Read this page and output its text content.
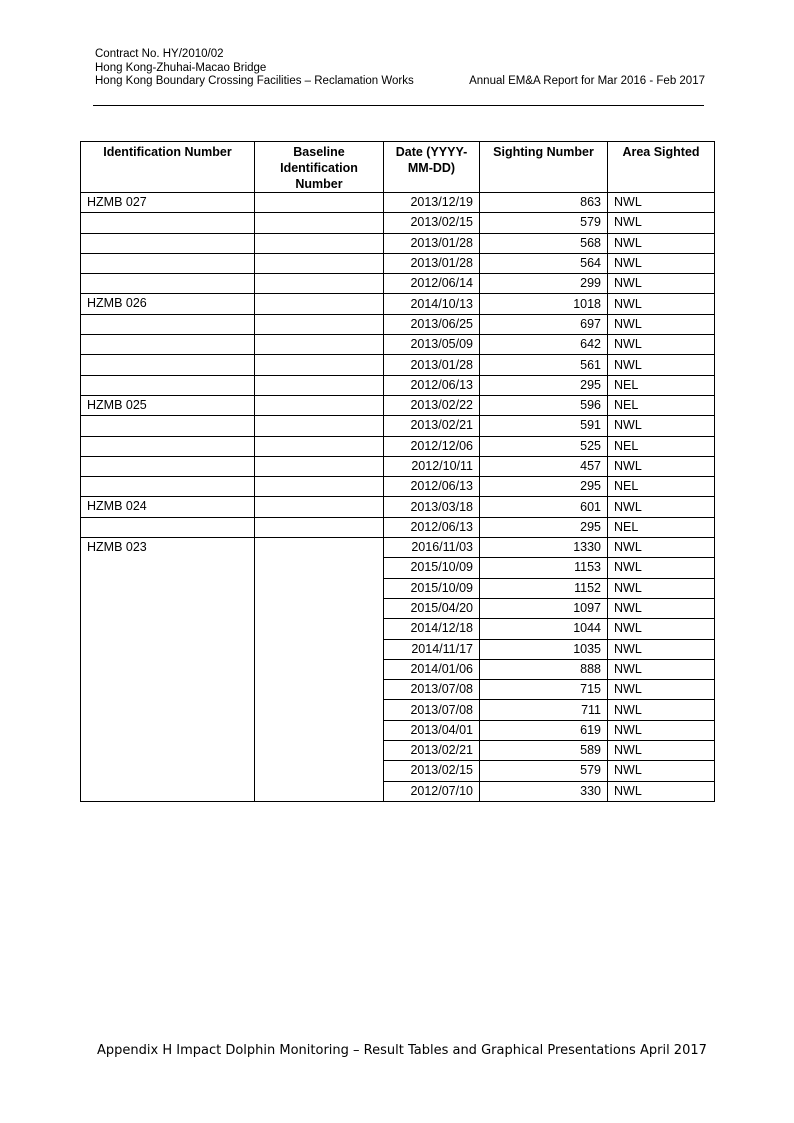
Contract No. HY/2010/02
Hong Kong-Zhuhai-Macao Bridge
Hong Kong Boundary Crossing Facilities – Reclamation Works	Annual EM&A Report for Mar 2016 - Feb 2017
Identification Number	Baseline Identification Number	Date (YYYY-MM-DD)	Sighting Number	Area Sighted
HZMB 027		2013/12/19	863	NWL
		2013/02/15	579	NWL
		2013/01/28	568	NWL
		2013/01/28	564	NWL
		2012/06/14	299	NWL
HZMB 026		2014/10/13	1018	NWL
		2013/06/25	697	NWL
		2013/05/09	642	NWL
		2013/01/28	561	NWL
		2012/06/13	295	NEL
HZMB 025		2013/02/22	596	NEL
		2013/02/21	591	NWL
		2012/12/06	525	NEL
		2012/10/11	457	NWL
		2012/06/13	295	NEL
HZMB 024		2013/03/18	601	NWL
		2012/06/13	295	NEL
HZMB 023		2016/11/03	1330	NWL
		2015/10/09	1153	NWL
		2015/10/09	1152	NWL
		2015/04/20	1097	NWL
		2014/12/18	1044	NWL
		2014/11/17	1035	NWL
		2014/01/06	888	NWL
		2013/07/08	715	NWL
		2013/07/08	711	NWL
		2013/04/01	619	NWL
		2013/02/21	589	NWL
		2013/02/15	579	NWL
		2012/07/10	330	NWL
Appendix H Impact Dolphin Monitoring – Result Tables and Graphical Presentations April 2017
